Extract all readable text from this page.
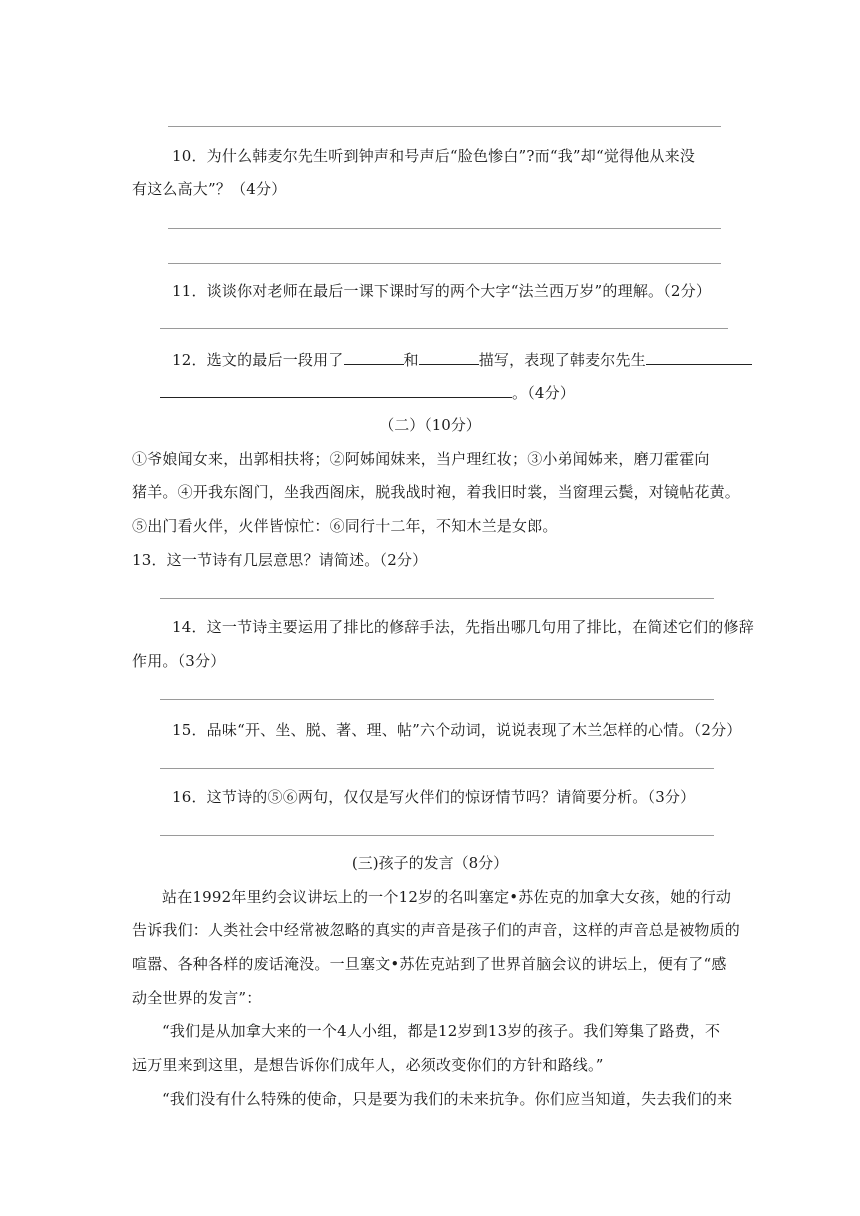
10．为什么韩麦尔先生听到钟声和号声后“脸色惨白”?而“我”却“觉得他从来没
有这么高大”？（4分）
11．谈谈你对老师在最后一课下课时写的两个大字“法兰西万岁”的理解。（2分）
12．选文的最后一段用了	和	描写，表现了韩麦尔先生
。（4分）
（二）（10分）
①爷娘闻女来，出郭相扶将；②阿姊闻妹来，当户理红妆；③小弟闻姊来，磨刀霍霍向
猪羊。④开我东阁门，坐我西阁床，脱我战时袍，着我旧时裳，当窗理云鬓，对镜帖花黄。
⑤出门看火伴，火伴皆惊忙：⑥同行十二年，不知木兰是女郎。
13．这一节诗有几层意思？请简述。（2分）
14．这一节诗主要运用了排比的修辞手法，先指出哪几句用了排比，在简述它们的修辞
作用。（3分）
15．品味“开、坐、脱、著、理、帖”六个动词，说说表现了木兰怎样的心情。（2分）
16．这节诗的⑤⑥两句，仅仅是写火伴们的惊讶情节吗？请简要分析。（3分）
(三)孩子的发言（8分）
站在1992年里约会议讲坛上的一个12岁的名叫塞定•苏佐克的加拿大女孩，她的行动
告诉我们：人类社会中经常被忽略的真实的声音是孩子们的声音，这样的声音总是被物质的
喧嚣、各种各样的废话淹没。一旦塞文•苏佐克站到了世界首脑会议的讲坛上，便有了“感
动全世界的发言”：
“我们是从加拿大来的一个4人小组，都是12岁到13岁的孩子。我们筹集了路费，不
远万里来到这里，是想告诉你们成年人，必须改变你们的方针和路线。”
“我们没有什么特殊的使命，只是要为我们的未来抗争。你们应当知道，失去我们的来
